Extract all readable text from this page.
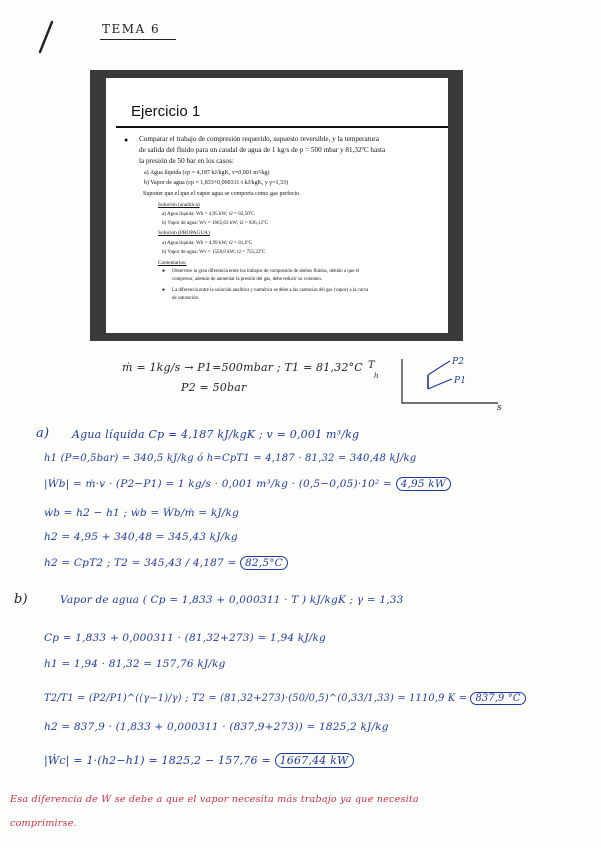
TEMA 6
Ejercicio 1
● Comparar el trabajo de compresión requerido, supuesto reversible, y la temperatura
de salida del fluido para un caudal de agua de 1 kg/s de p = 500 mbar y 81,32ºC hasta
la presión de 50 bar en los casos:
a) Agua líquida (cp = 4,187 kJ/kgK, v=0,001 m³/kg)
b) Vapor de agua (cp = 1,833+0,000311·t kJ/kgK, y γ=1,33)
Suponer que el que el vapor agua se comporta como gas perfecto.
Solución (analítica)
a) Agua líquida: Wb = 4,95 kW; t2 = 82,50ºC
b) Vapor de agua: Wv = 1665,63 kW; t2 = 836,12ºC
Solución (PROPAGUA)
a) Agua líquida: Wb = 4,99 kW; t2 = 81,6ºC
b) Vapor de agua: Wv = 1550,0 kW; t2 = 755,22ºC
Comentarios:
● Observese la gran diferencia entre los trabajos de compresión de ambos fluidos, debido a que el
compresor, además de aumentar la presión del gas, debe reducir su volumen.
● La diferencia entre la solución analítica y numérica se debe a las carencias del gas (vapor) a la curva
de saturación.
ṁ = 1kg/s → P1=500mbar ; T1 = 81,32°C
P2 = 50bar
T
h
s
P2
P1
a) Agua líquida Cp = 4,187 kJ/kgK ; v = 0,001 m³/kg
h1 (P=0,5bar) = 340,5 kJ/kg ó h=CpT1 = 4,187 · 81,32 = 340,48 kJ/kg
|Ẇb| = ṁ·v · (P2−P1) = 1 kg/s · 0,001 m³/kg · (0,5−0,05)·10² = 4,95 kW
ẇb = h2 − h1 ; ẇb = Ẇb/ṁ = kJ/kg
h2 = 4,95 + 340,48 = 345,43 kJ/kg
h2 = CpT2 ; T2 = 345,43 / 4,187 = 82,5°C
b)	Vapor de agua ( Cp = 1,833 + 0,000311 · T ) kJ/kgK ; γ = 1,33
Cp = 1,833 + 0,000311 · (81,32+273) = 1,94 kJ/kg
h1 = 1,94 · 81,32 = 157,76 kJ/kg
T2/T1 = (P2/P1)^((γ−1)/γ) ; T2 = (81,32+273)·(50/0,5)^(0,33/1,33) = 1110,9 K = 837,9 °C
h2 = 837,9 · (1,833 + 0,000311 · (837,9+273)) = 1825,2 kJ/kg
|Ẇc| = 1·(h2−h1) = 1825,2 − 157,76 = 1667,44 kW
Esa diferencia de Ẇ se debe a que el vapor necesita más trabajo ya que necesita
comprimirse.
